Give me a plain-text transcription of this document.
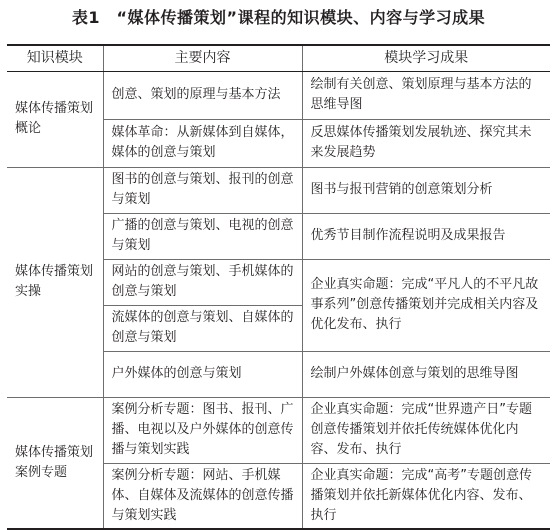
表1　“媒体传播策划”课程的知识模块、内容与学习成果
知识模块	主要内容	模块学习成果
媒体传播策划概论	创意、策划的原理与基本方法	绘制有关创意、策划原理与基本方法的思维导图
	媒体革命：从新媒体到自媒体，媒体的创意与策划	反思媒体传播策划发展轨迹、探究其未来发展趋势
媒体传播策划实操	图书的创意与策划、报刊的创意与策划	图书与报刊营销的创意策划分析
	广播的创意与策划、电视的创意与策划	优秀节目制作流程说明及成果报告
	网站的创意与策划、手机媒体的创意与策划	企业真实命题：完成“平凡人的不平凡故事系列”创意传播策划并完成相关内容及优化发布、执行
	流媒体的创意与策划、自媒体的创意与策划	
	户外媒体的创意与策划	绘制户外媒体创意与策划的思维导图
媒体传播策划案例专题	案例分析专题：图书、报刊、广播、电视以及户外媒体的创意传播与策划实践	企业真实命题：完成“世界遗产日”专题创意传播策划并依托传统媒体优化内容、发布、执行
	案例分析专题：网站、手机媒体、自媒体及流媒体的创意传播与策划实践	企业真实命题：完成“高考”专题创意传播策划并依托新媒体优化内容、发布、执行
